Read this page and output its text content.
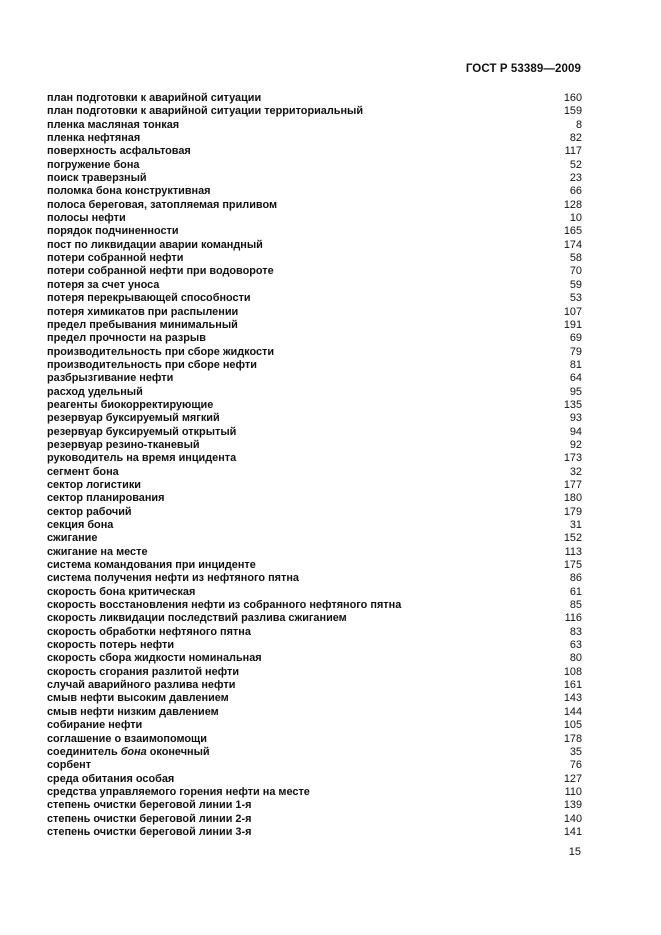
ГОСТ Р 53389—2009
план подготовки к аварийной ситуации	160
план подготовки к аварийной ситуации территориальный	159
пленка масляная тонкая	8
пленка нефтяная	82
поверхность асфальтовая	117
погружение бона	52
поиск траверзный	23
поломка бона конструктивная	66
полоса береговая, затопляемая приливом	128
полосы нефти	10
порядок подчиненности	165
пост по ликвидации аварии командный	174
потери собранной нефти	58
потери собранной нефти при водовороте	70
потеря за счет уноса	59
потеря перекрывающей способности	53
потеря химикатов при распылении	107
предел пребывания минимальный	191
предел прочности на разрыв	69
производительность при сборе жидкости	79
производительность при сборе нефти	81
разбрызгивание нефти	64
расход удельный	95
реагенты биокорректирующие	135
резервуар буксируемый мягкий	93
резервуар буксируемый открытый	94
резервуар резино-тканевый	92
руководитель на время инцидента	173
сегмент бона	32
сектор логистики	177
сектор планирования	180
сектор рабочий	179
секция бона	31
сжигание	152
сжигание на месте	113
система командования при инциденте	175
система получения нефти из нефтяного пятна	86
скорость бона критическая	61
скорость восстановления нефти из собранного нефтяного пятна	85
скорость ликвидации последствий разлива сжиганием	116
скорость обработки нефтяного пятна	83
скорость потерь нефти	63
скорость сбора жидкости номинальная	80
скорость сгорания разлитой нефти	108
случай аварийного разлива нефти	161
смыв нефти высоким давлением	143
смыв нефти низким давлением	144
собирание нефти	105
соглашение о взаимопомощи	178
соединитель бона оконечный	35
сорбент	76
среда обитания особая	127
средства управляемого горения нефти на месте	110
степень очистки береговой линии 1-я	139
степень очистки береговой линии 2-я	140
степень очистки береговой линии 3-я	141
15
